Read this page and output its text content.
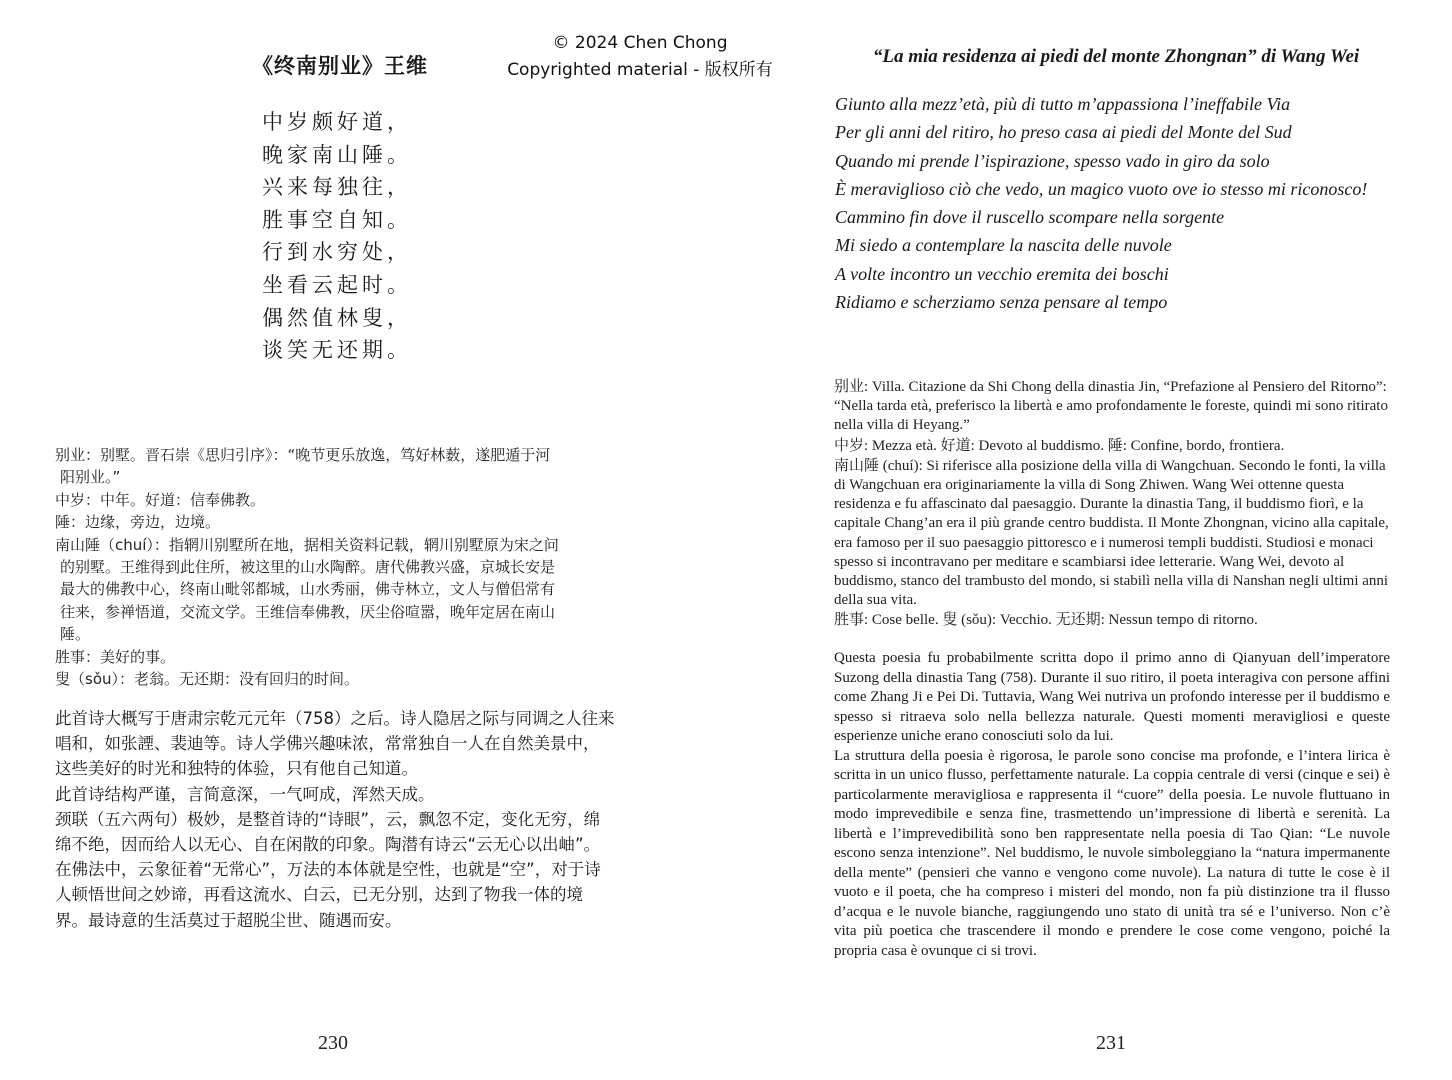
© 2024 Chen Chong
Copyrighted material - 版权所有
《终南别业》王维
中岁颇好道，
晚家南山陲。
兴来每独往，
胜事空自知。
行到水穷处，
坐看云起时。
偶然值林叟，
谈笑无还期。

别业：别墅。晋石崇《思归引序》：“晚节更乐放逸，笃好林薮，遂肥遁于河

阳别业。”

中岁：中年。好道：信奉佛教。

陲：边缘，旁边，边境。

南山陲（chuí）：指辋川别墅所在地，据相关资料记载，辋川别墅原为宋之问

的别墅。王维得到此住所，被这里的山水陶醉。唐代佛教兴盛，京城长安是

最大的佛教中心，终南山毗邻都城，山水秀丽，佛寺林立，文人与僧侣常有

往来，参禅悟道，交流文学。王维信奉佛教，厌尘俗喧嚣，晚年定居在南山

陲。

胜事：美好的事。

叟（sǒu）：老翁。无还期：没有回归的时间。

此首诗大概写于唐肃宗乾元元年（758）之后。诗人隐居之际与同调之人往来唱和，如张諲、裴迪等。诗人学佛兴趣味浓，常常独自一人在自然美景中，这些美好的时光和独特的体验，只有他自己知道。

此首诗结构严谨，言简意深，一气呵成，浑然天成。

颈联（五六两句）极妙，是整首诗的“诗眼”，云，飘忽不定，变化无穷，绵绵不绝，因而给人以无心、自在闲散的印象。陶潜有诗云“云无心以出岫”。在佛法中，云象征着“无常心”，万法的本体就是空性，也就是“空”，对于诗人顿悟世间之妙谛，再看这流水、白云，已无分别，达到了物我一体的境界。最诗意的生活莫过于超脱尘世、随遇而安。

230
“La mia residenza ai piedi del monte Zhongnan” di Wang Wei
Giunto alla mezz’età, più di tutto m’appassiona l’ineffabile Via
Per gli anni del ritiro, ho preso casa ai piedi del Monte del Sud
Quando mi prende l’ispirazione, spesso vado in giro da solo
È meraviglioso ciò che vedo, un magico vuoto ove io stesso mi riconosco!
Cammino fin dove il ruscello scompare nella sorgente
Mi siedo a contemplare la nascita delle nuvole
A volte incontro un vecchio eremita dei boschi
Ridiamo e scherziamo senza pensare al tempo

别业: Villa. Citazione da Shi Chong della dinastia Jin, “Prefazione al Pensiero del Ritorno”: “Nella tarda età, preferisco la libertà e amo profondamente le foreste, quindi mi sono ritirato nella villa di Heyang.”

中岁: Mezza età. 好道: Devoto al buddismo. 陲: Confine, bordo, frontiera.

南山陲 (chuí): Si riferisce alla posizione della villa di Wangchuan. Secondo le fonti, la villa di Wangchuan era originariamente la villa di Song Zhiwen. Wang Wei ottenne questa residenza e fu affascinato dal paesaggio. Durante la dinastia Tang, il buddismo fiorì, e la capitale Chang’an era il più grande centro buddista. Il Monte Zhongnan, vicino alla capitale, era famoso per il suo paesaggio pittoresco e i numerosi templi buddisti. Studiosi e monaci spesso si incontravano per meditare e scambiarsi idee letterarie. Wang Wei, devoto al buddismo, stanco del trambusto del mondo, si stabilì nella villa di Nanshan negli ultimi anni della sua vita.

胜事: Cose belle. 叟 (sǒu): Vecchio. 无还期: Nessun tempo di ritorno.

Questa poesia fu probabilmente scritta dopo il primo anno di Qianyuan dell’imperatore Suzong della dinastia Tang (758). Durante il suo ritiro, il poeta interagiva con persone affini come Zhang Ji e Pei Di. Tuttavia, Wang Wei nutriva un profondo interesse per il buddismo e spesso si ritraeva solo nella bellezza naturale. Questi momenti meravigliosi e queste esperienze uniche erano conosciuti solo da lui.

La struttura della poesia è rigorosa, le parole sono concise ma profonde, e l’intera lirica è scritta in un unico flusso, perfettamente naturale. La coppia centrale di versi (cinque e sei) è particolarmente meravigliosa e rappresenta il “cuore” della poesia. Le nuvole fluttuano in modo imprevedibile e senza fine, trasmettendo un’impressione di libertà e serenità. La libertà e l’imprevedibilità sono ben rappresentate nella poesia di Tao Qian: “Le nuvole escono senza intenzione”. Nel buddismo, le nuvole simboleggiano la “natura impermanente della mente” (pensieri che vanno e vengono come nuvole). La natura di tutte le cose è il vuoto e il poeta, che ha compreso i misteri del mondo, non fa più distinzione tra il flusso d’acqua e le nuvole bianche, raggiungendo uno stato di unità tra sé e l’universo. Non c’è vita più poetica che trascendere il mondo e prendere le cose come vengono, poiché la propria casa è ovunque ci si trovi.

231
